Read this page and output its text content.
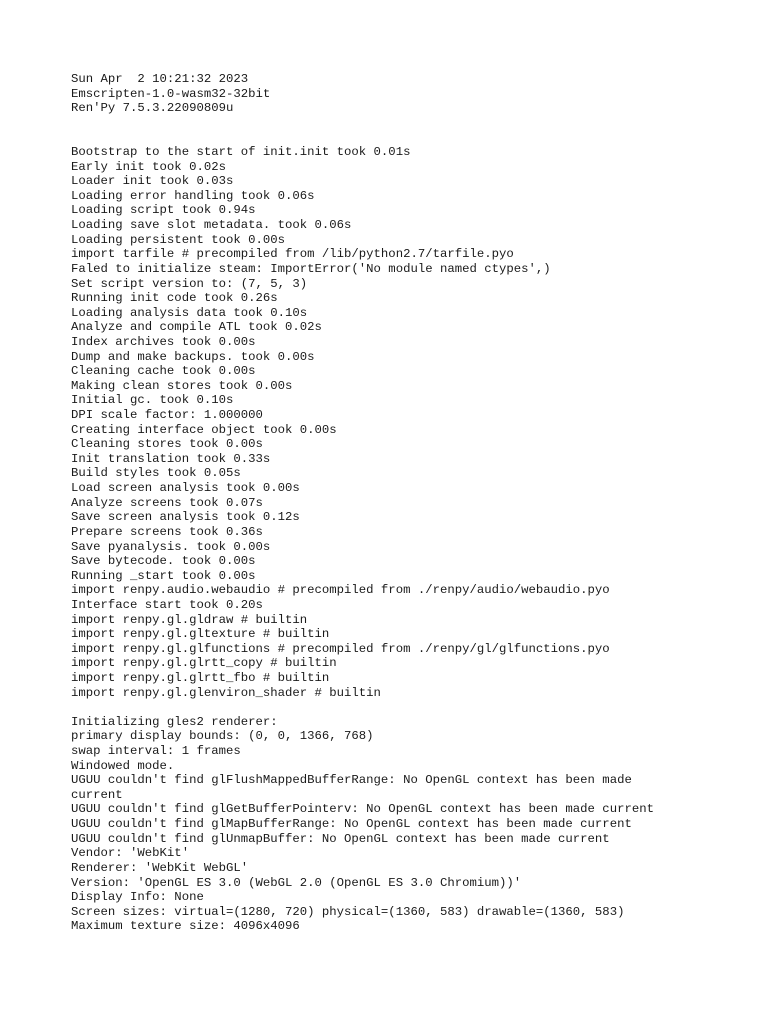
Sun Apr  2 10:21:32 2023
Emscripten-1.0-wasm32-32bit
Ren'Py 7.5.3.22090809u
Bootstrap to the start of init.init took 0.01s
Early init took 0.02s
Loader init took 0.03s
Loading error handling took 0.06s
Loading script took 0.94s
Loading save slot metadata. took 0.06s
Loading persistent took 0.00s
import tarfile # precompiled from /lib/python2.7/tarfile.pyo
Faled to initialize steam: ImportError('No module named ctypes',)
Set script version to: (7, 5, 3)
Running init code took 0.26s
Loading analysis data took 0.10s
Analyze and compile ATL took 0.02s
Index archives took 0.00s
Dump and make backups. took 0.00s
Cleaning cache took 0.00s
Making clean stores took 0.00s
Initial gc. took 0.10s
DPI scale factor: 1.000000
Creating interface object took 0.00s
Cleaning stores took 0.00s
Init translation took 0.33s
Build styles took 0.05s
Load screen analysis took 0.00s
Analyze screens took 0.07s
Save screen analysis took 0.12s
Prepare screens took 0.36s
Save pyanalysis. took 0.00s
Save bytecode. took 0.00s
Running _start took 0.00s
import renpy.audio.webaudio # precompiled from ./renpy/audio/webaudio.pyo
Interface start took 0.20s
import renpy.gl.gldraw # builtin
import renpy.gl.gltexture # builtin
import renpy.gl.glfunctions # precompiled from ./renpy/gl/glfunctions.pyo
import renpy.gl.glrtt_copy # builtin
import renpy.gl.glrtt_fbo # builtin
import renpy.gl.glenviron_shader # builtin
Initializing gles2 renderer:
primary display bounds: (0, 0, 1366, 768)
swap interval: 1 frames
Windowed mode.
UGUU couldn't find glFlushMappedBufferRange: No OpenGL context has been made
current
UGUU couldn't find glGetBufferPointerv: No OpenGL context has been made current
UGUU couldn't find glMapBufferRange: No OpenGL context has been made current
UGUU couldn't find glUnmapBuffer: No OpenGL context has been made current
Vendor: 'WebKit'
Renderer: 'WebKit WebGL'
Version: 'OpenGL ES 3.0 (WebGL 2.0 (OpenGL ES 3.0 Chromium))'
Display Info: None
Screen sizes: virtual=(1280, 720) physical=(1360, 583) drawable=(1360, 583)
Maximum texture size: 4096x4096
